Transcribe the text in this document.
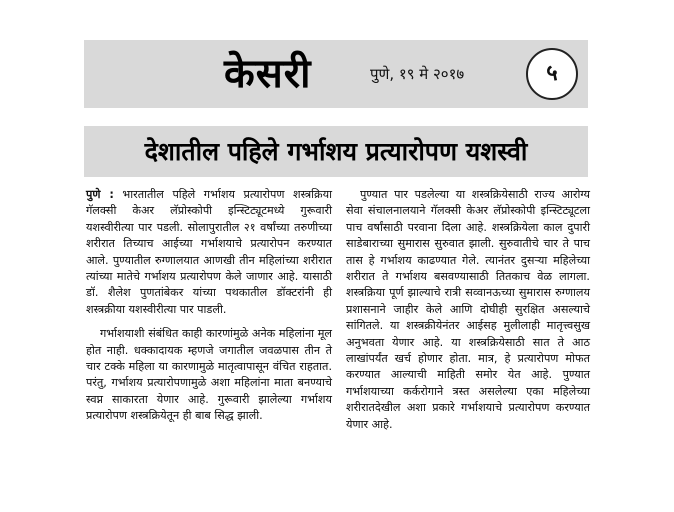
केसरी	पुणे, १९ मे २०१७	५
देशातील पहिले गर्भाशय प्रत्यारोपण यशस्वी

पुणे : भारतातील पहिले गर्भाशय प्रत्यारोपण शस्त्रक्रिया गॅलक्सी केअर लॅप्रोस्कोपी इन्स्टिट्यूटमध्ये गुरूवारी यशस्वीरीत्या पार पडली. सोलापुरातील २१ वर्षांच्या तरुणीच्या शरीरात तिच्याच आईच्या गर्भाशयाचे प्रत्यारोपन करण्यात आले. पुण्यातील रुग्णालयात आणखी तीन महिलांच्या शरीरात त्यांच्या मातेचे गर्भाशय प्रत्यारोपण केले जाणार आहे. यासाठी डॉ. शैलेश पुणतांबेकर यांच्या पथकातील डॉक्टरांनी ही शस्त्रक्रीया यशस्वीरीत्या पार पाडली.

गर्भाशयाशी संबंधित काही कारणांमुळे अनेक महिलांना मूल होत नाही. धक्कादायक म्हणजे जगातील जवळपास तीन ते चार टक्के महिला या कारणामुळे मातृत्वापासून वंचित राहतात. परंतु, गर्भाशय प्रत्यारोपणामुळे अशा महिलांना माता बनण्याचे स्वप्न साकारता येणार आहे. गुरूवारी झालेल्या गर्भाशय प्रत्यारोपण शस्त्रक्रियेतून ही बाब सिद्ध झाली.

पुण्यात पार पडलेल्या या शस्त्रक्रियेसाठी राज्य आरोग्य सेवा संचालनालयाने गॅलक्सी केअर लॅप्रोस्कोपी इन्स्टिट्यूटला पाच वर्षांसाठी परवाना दिला आहे. शस्त्रक्रियेला काल दुपारी साडेबाराच्या सुमारास सुरुवात झाली. सुरुवातीचे चार ते पाच तास हे गर्भाशय काढण्यात गेले. त्यानंतर दुसऱ्या महिलेच्या शरीरात ते गर्भाशय बसवण्यासाठी तितकाच वेळ लागला. शस्त्रक्रिया पूर्ण झाल्याचे रात्री सव्वानऊच्या सुमारास रुग्णालय प्रशासनाने जाहीर केले आणि दोघीही सुरक्षित असल्याचे सांगितले. या शस्त्रक्रीयेनंतर आईसह मुलीलाही मातृत्त्वसुख अनुभवता येणार आहे. या शस्त्रक्रियेसाठी सात ते आठ लाखांपर्यंत खर्च होणार होता. मात्र, हे प्रत्यारोपण मोफत करण्यात आल्याची माहिती समोर येत आहे. पुण्यात गर्भाशयाच्या कर्करोगाने त्रस्त असलेल्या एका महिलेच्या शरीरातदेखील अशा प्रकारे गर्भाशयाचे प्रत्यारोपण करण्यात येणार आहे.
